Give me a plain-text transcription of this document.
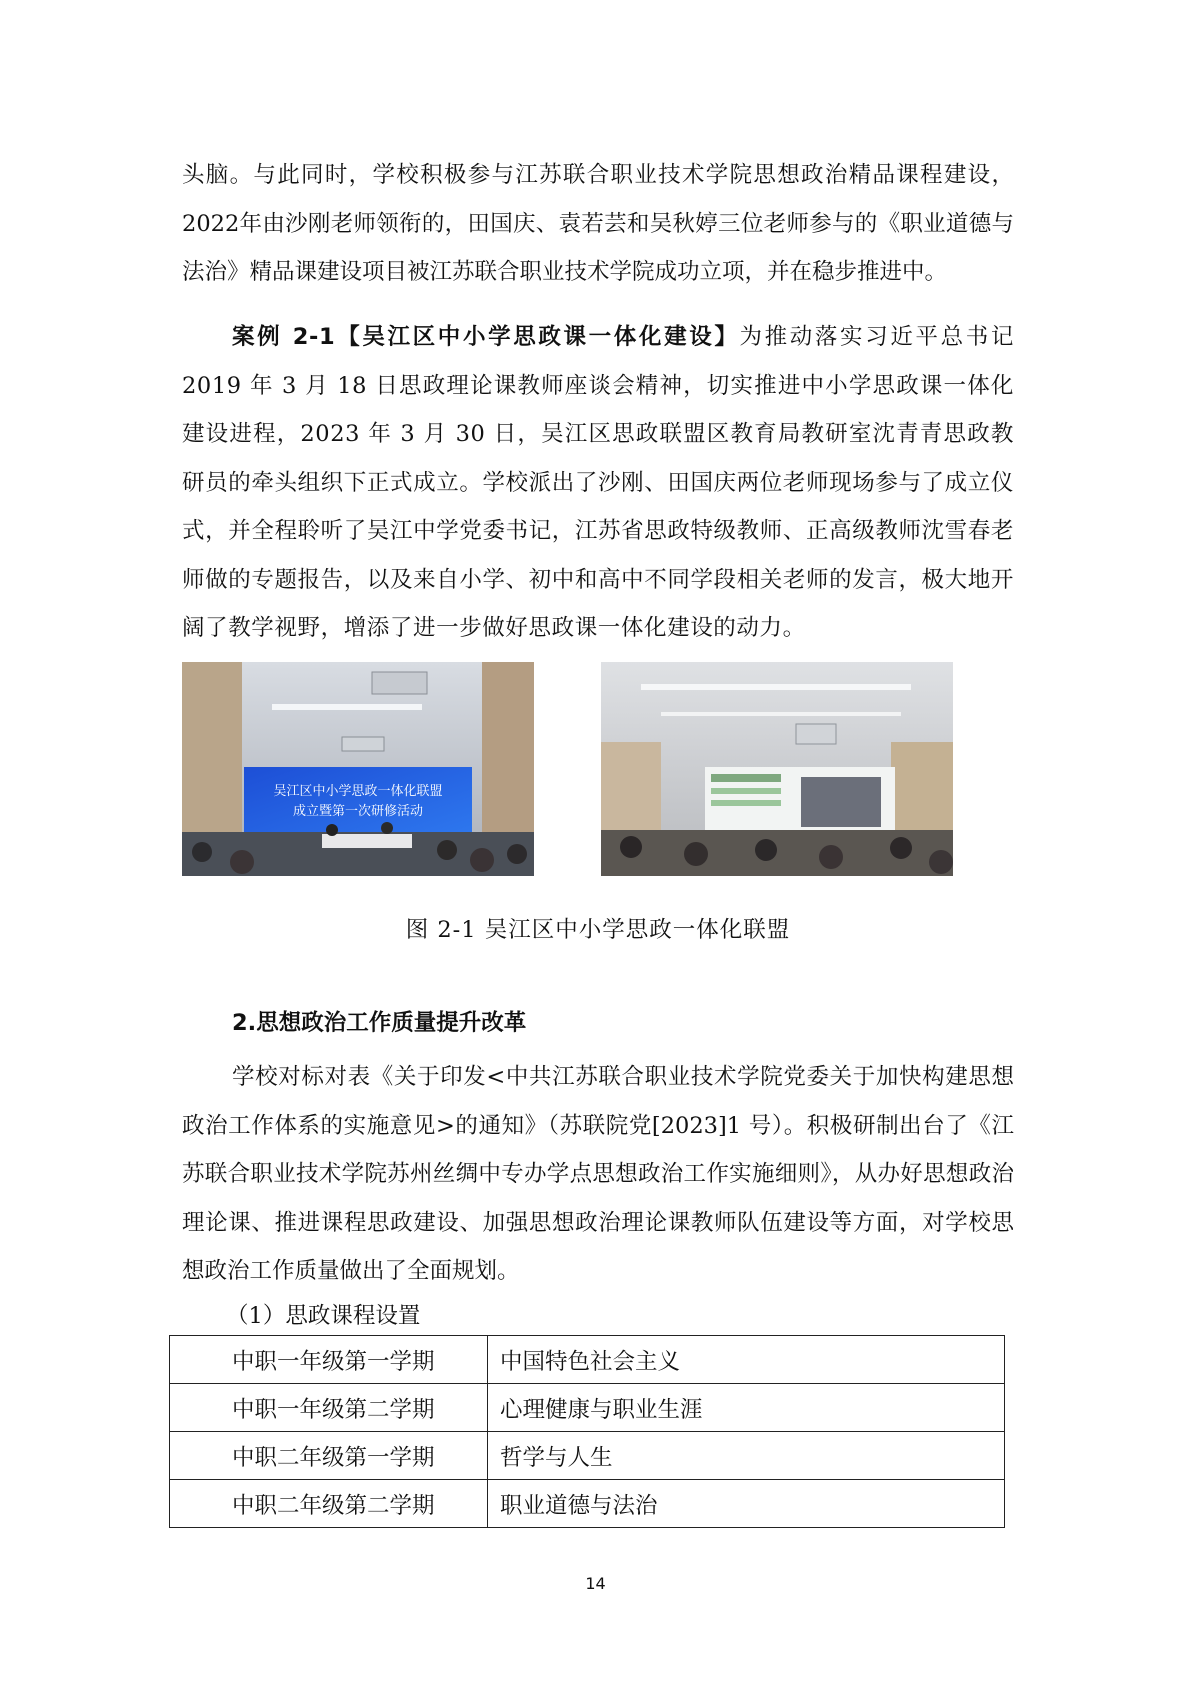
头脑。与此同时，学校积极参与江苏联合职业技术学院思想政治精品课程建设，2022年由沙刚老师领衔的，田国庆、袁若芸和吴秋婷三位老师参与的《职业道德与法治》精品课建设项目被江苏联合职业技术学院成功立项，并在稳步推进中。

案例 2-1【吴江区中小学思政课一体化建设】为推动落实习近平总书记 2019 年 3 月 18 日思政理论课教师座谈会精神，切实推进中小学思政课一体化建设进程，2023 年 3 月 30 日，吴江区思政联盟区教育局教研室沈青青思政教研员的牵头组织下正式成立。学校派出了沙刚、田国庆两位老师现场参与了成立仪式，并全程聆听了吴江中学党委书记，江苏省思政特级教师、正高级教师沈雪春老师做的专题报告，以及来自小学、初中和高中不同学段相关老师的发言，极大地开阔了教学视野，增添了进一步做好思政课一体化建设的动力。

吴江区中小学思政一体化联盟
成立暨第一次研修活动

图 2-1 吴江区中小学思政一体化联盟

2.思想政治工作质量提升改革

学校对标对表《关于印发<中共江苏联合职业技术学院党委关于加快构建思想政治工作体系的实施意见>的通知》（苏联院党[2023]1 号）。积极研制出台了《江苏联合职业技术学院苏州丝绸中专办学点思想政治工作实施细则》，从办好思想政治理论课、推进课程思政建设、加强思想政治理论课教师队伍建设等方面，对学校思想政治工作质量做出了全面规划。

（1）思政课程设置

中职一年级第一学期	中国特色社会主义
中职一年级第二学期	心理健康与职业生涯
中职二年级第一学期	哲学与人生
中职二年级第二学期	职业道德与法治

14
